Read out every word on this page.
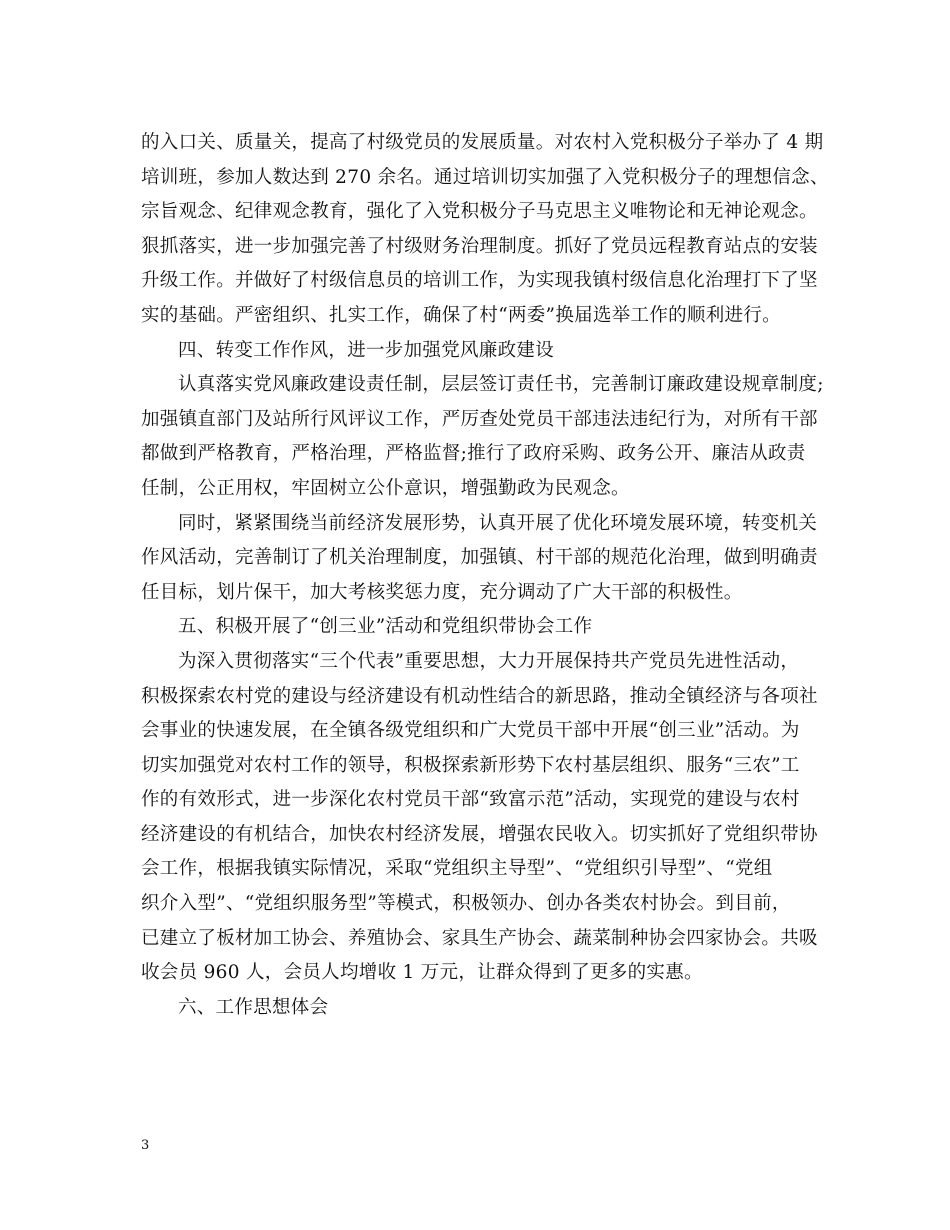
的入口关、质量关，提高了村级党员的发展质量。对农村入党积极分子举办了 4 期
培训班，参加人数达到 270 余名。通过培训切实加强了入党积极分子的理想信念、
宗旨观念、纪律观念教育，强化了入党积极分子马克思主义唯物论和无神论观念。
狠抓落实，进一步加强完善了村级财务治理制度。抓好了党员远程教育站点的安装
升级工作。并做好了村级信息员的培训工作，为实现我镇村级信息化治理打下了坚
实的基础。严密组织、扎实工作，确保了村“两委”换届选举工作的顺利进行。
四、转变工作作风，进一步加强党风廉政建设
认真落实党风廉政建设责任制，层层签订责任书，完善制订廉政建设规章制度;
加强镇直部门及站所行风评议工作，严厉查处党员干部违法违纪行为，对所有干部
都做到严格教育，严格治理，严格监督;推行了政府采购、政务公开、廉洁从政责
任制，公正用权，牢固树立公仆意识，增强勤政为民观念。
同时，紧紧围绕当前经济发展形势，认真开展了优化环境发展环境，转变机关
作风活动，完善制订了机关治理制度，加强镇、村干部的规范化治理，做到明确责
任目标，划片保干，加大考核奖惩力度，充分调动了广大干部的积极性。
五、积极开展了“创三业”活动和党组织带协会工作
为深入贯彻落实“三个代表”重要思想，大力开展保持共产党员先进性活动，
积极探索农村党的建设与经济建设有机动性结合的新思路，推动全镇经济与各项社
会事业的快速发展，在全镇各级党组织和广大党员干部中开展“创三业”活动。为
切实加强党对农村工作的领导，积极探索新形势下农村基层组织、服务“三农”工
作的有效形式，进一步深化农村党员干部“致富示范”活动，实现党的建设与农村
经济建设的有机结合，加快农村经济发展，增强农民收入。切实抓好了党组织带协
会工作，根据我镇实际情况，采取“党组织主导型”、“党组织引导型”、“党组
织介入型”、“党组织服务型”等模式，积极领办、创办各类农村协会。到目前，
已建立了板材加工协会、养殖协会、家具生产协会、蔬菜制种协会四家协会。共吸
收会员 960 人，会员人均增收 1 万元，让群众得到了更多的实惠。
六、工作思想体会
3
